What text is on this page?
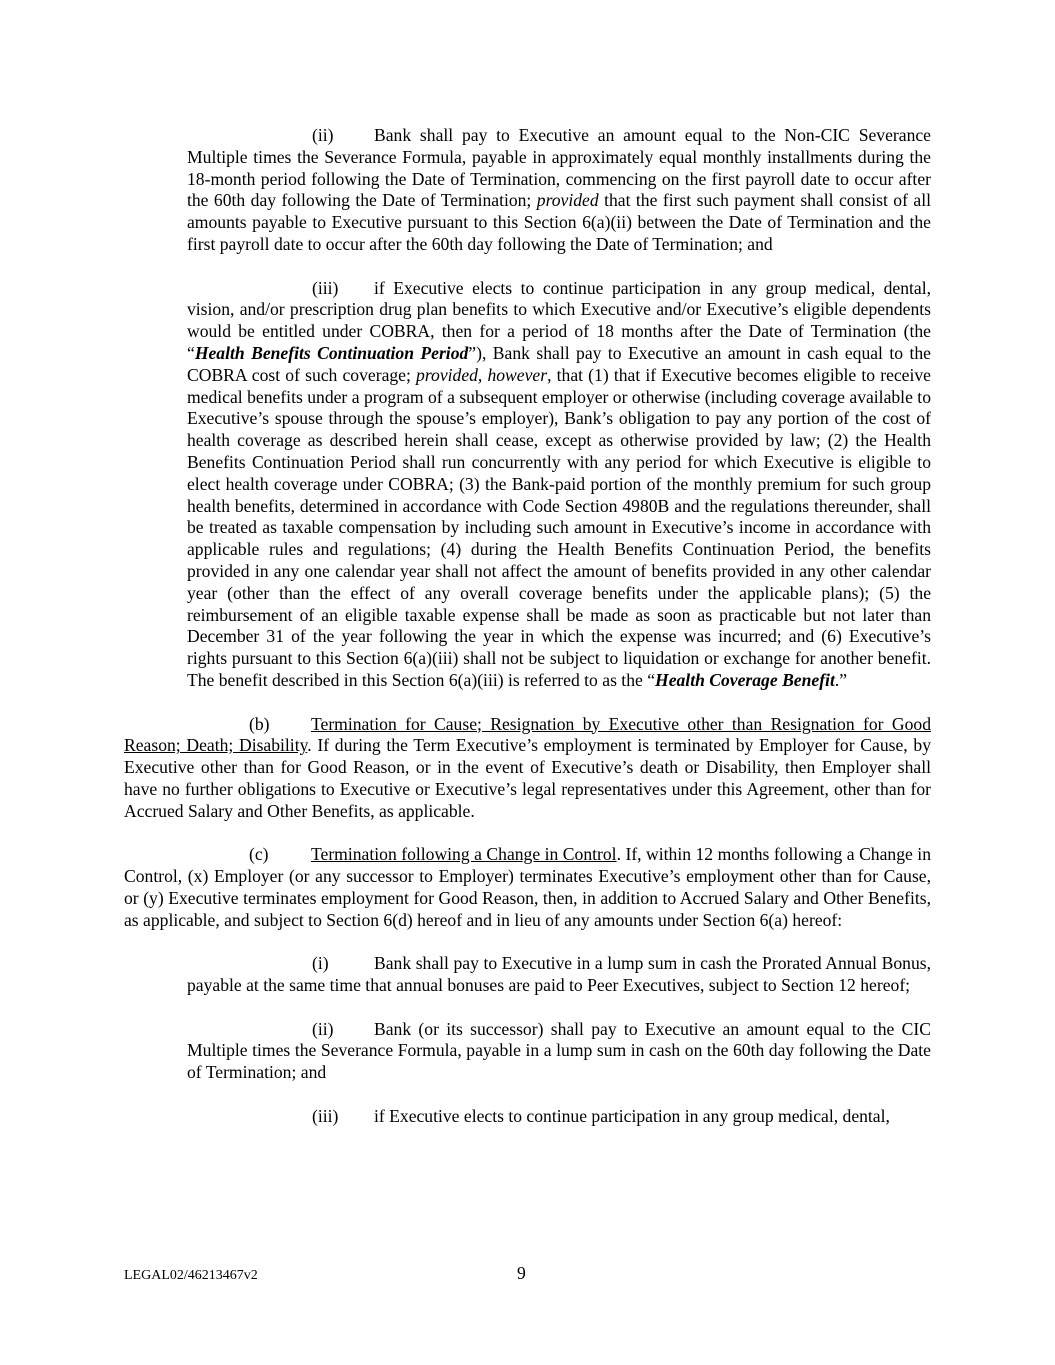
(ii) Bank shall pay to Executive an amount equal to the Non-CIC Severance Multiple times the Severance Formula, payable in approximately equal monthly installments during the 18-month period following the Date of Termination, commencing on the first payroll date to occur after the 60th day following the Date of Termination; provided that the first such payment shall consist of all amounts payable to Executive pursuant to this Section 6(a)(ii) between the Date of Termination and the first payroll date to occur after the 60th day following the Date of Termination; and

(iii) if Executive elects to continue participation in any group medical, dental, vision, and/or prescription drug plan benefits to which Executive and/or Executive’s eligible dependents would be entitled under COBRA, then for a period of 18 months after the Date of Termination (the “Health Benefits Continuation Period”), Bank shall pay to Executive an amount in cash equal to the COBRA cost of such coverage; provided, however, that (1) that if Executive becomes eligible to receive medical benefits under a program of a subsequent employer or otherwise (including coverage available to Executive’s spouse through the spouse’s employer), Bank’s obligation to pay any portion of the cost of health coverage as described herein shall cease, except as otherwise provided by law; (2) the Health Benefits Continuation Period shall run concurrently with any period for which Executive is eligible to elect health coverage under COBRA; (3) the Bank-paid portion of the monthly premium for such group health benefits, determined in accordance with Code Section 4980B and the regulations thereunder, shall be treated as taxable compensation by including such amount in Executive’s income in accordance with applicable rules and regulations; (4) during the Health Benefits Continuation Period, the benefits provided in any one calendar year shall not affect the amount of benefits provided in any other calendar year (other than the effect of any overall coverage benefits under the applicable plans); (5) the reimbursement of an eligible taxable expense shall be made as soon as practicable but not later than December 31 of the year following the year in which the expense was incurred; and (6) Executive’s rights pursuant to this Section 6(a)(iii) shall not be subject to liquidation or exchange for another benefit. The benefit described in this Section 6(a)(iii) is referred to as the “Health Coverage Benefit.”

(b) Termination for Cause; Resignation by Executive other than Resignation for Good Reason; Death; Disability. If during the Term Executive’s employment is terminated by Employer for Cause, by Executive other than for Good Reason, or in the event of Executive’s death or Disability, then Employer shall have no further obligations to Executive or Executive’s legal representatives under this Agreement, other than for Accrued Salary and Other Benefits, as applicable.

(c) Termination following a Change in Control. If, within 12 months following a Change in Control, (x) Employer (or any successor to Employer) terminates Executive’s employment other than for Cause, or (y) Executive terminates employment for Good Reason, then, in addition to Accrued Salary and Other Benefits, as applicable, and subject to Section 6(d) hereof and in lieu of any amounts under Section 6(a) hereof:

(i)	Bank shall pay to Executive in a lump sum in cash the Prorated Annual Bonus, payable at the same time that annual bonuses are paid to Peer Executives, subject to Section 12 hereof;

(ii) Bank (or its successor) shall pay to Executive an amount equal to the CIC Multiple times the Severance Formula, payable in a lump sum in cash on the 60th day following the Date of Termination; and

(iii) if Executive elects to continue participation in any group medical, dental,

LEGAL02/46213467v2	9
